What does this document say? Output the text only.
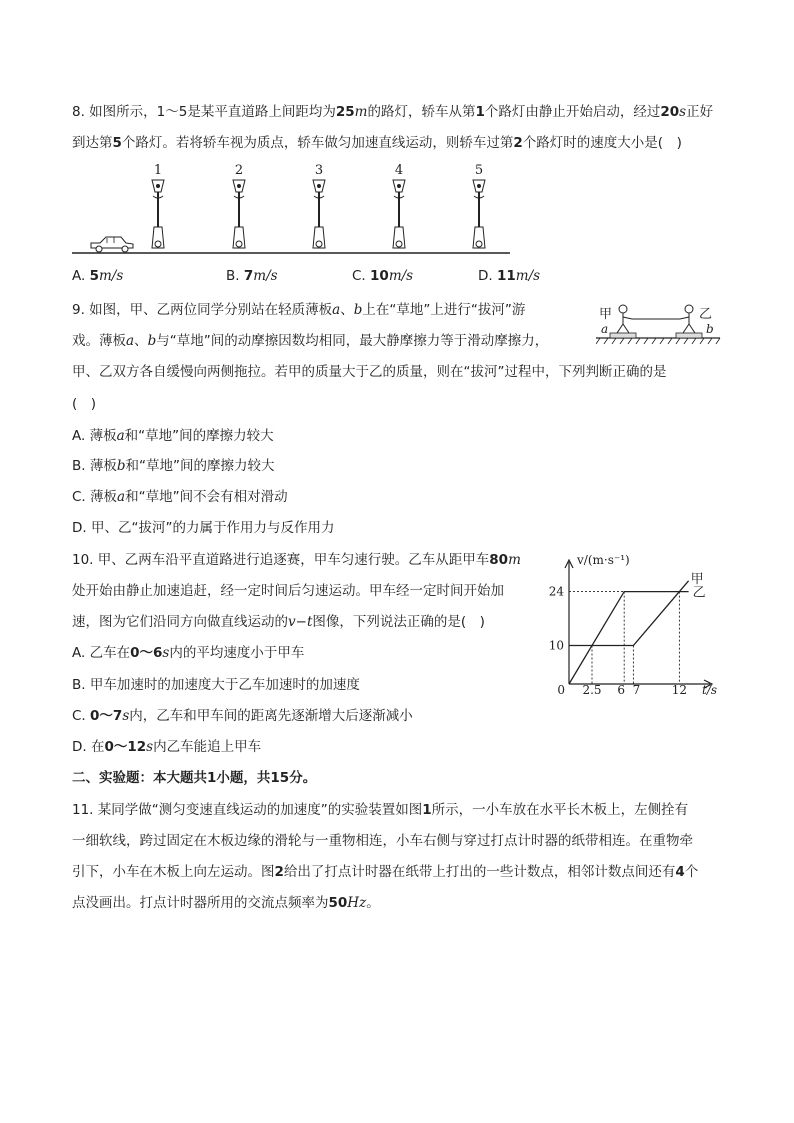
8. 如图所示，1～5是某平直道路上间距均为25m的路灯，轿车从第1个路灯由静止开始启动，经过20s正好
到达第5个路灯。若将轿车视为质点，轿车做匀加速直线运动，则轿车过第2个路灯时的速度大小是(　)
1	2	3	4	5
A. 5m/s	B. 7m/s	C. 10m/s	D. 11m/s
9. 如图，甲、乙两位同学分别站在轻质薄板a、b上在“草地”上进行“拔河”游
戏。薄板a、b与“草地”间的动摩擦因数均相同，最大静摩擦力等于滑动摩擦力，
甲、乙双方各自缓慢向两侧拖拉。若甲的质量大于乙的质量，则在“拔河”过程中，下列判断正确的是
(　)
甲	乙
a	b
A. 薄板a和“草地”间的摩擦力较大
B. 薄板b和“草地”间的摩擦力较大
C. 薄板a和“草地”间不会有相对滑动
D. 甲、乙“拔河”的力属于作用力与反作用力
10. 甲、乙两车沿平直道路进行追逐赛，甲车匀速行驶。乙车从距甲车80m
处开始由静止加速追赶，经一定时间后匀速运动。甲车经一定时间开始加
速，图为它们沿同方向做直线运动的v−t图像，下列说法正确的是(　)
A. 乙车在0～6s内的平均速度小于甲车
B. 甲车加速时的加速度大于乙车加速时的加速度
C. 0～7s内，乙车和甲车间的距离先逐渐增大后逐渐减小
D. 在0～12s内乙车能追上甲车
v/(m·s⁻¹)
t/s
0
24
10
2.5 6 7	12
甲
乙
二、实验题：本大题共1小题，共15分。
11. 某同学做“测匀变速直线运动的加速度”的实验装置如图1所示，一小车放在水平长木板上，左侧拴有
一细软线，跨过固定在木板边缘的滑轮与一重物相连，小车右侧与穿过打点计时器的纸带相连。在重物牵
引下，小车在木板上向左运动。图2给出了打点计时器在纸带上打出的一些计数点，相邻计数点间还有4个
点没画出。打点计时器所用的交流点频率为50Hz。
